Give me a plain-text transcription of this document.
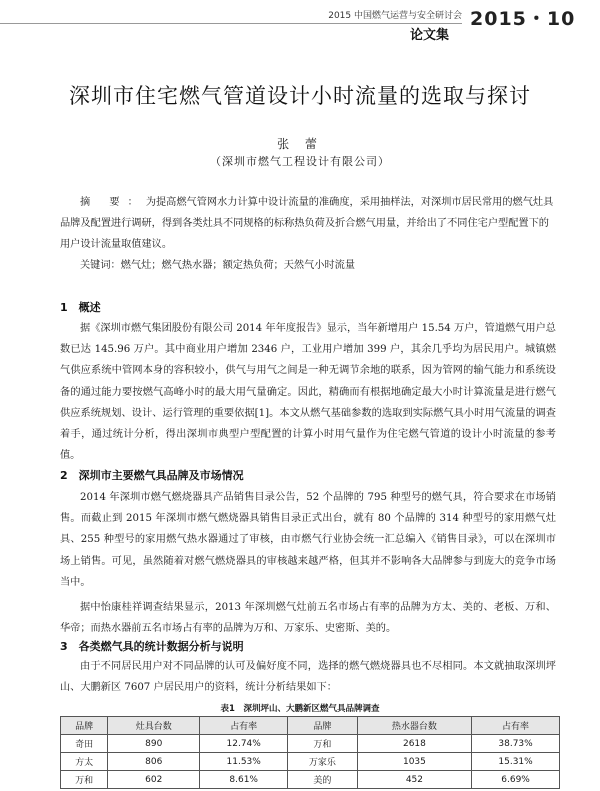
2015 中国燃气运营与安全研讨会 2015・10
论文集
深圳市住宅燃气管道设计小时流量的选取与探讨
张 蕾
（深圳市燃气工程设计有限公司）
摘 要：为提高燃气管网水力计算中设计流量的准确度，采用抽样法，对深圳市居民常用的燃气灶具品牌及配置进行调研，得到各类灶具不同规格的标称热负荷及折合燃气用量，并给出了不同住宅户型配置下的用户设计流量取值建议。
关键词：燃气灶；燃气热水器；额定热负荷；天然气小时流量
1　概述
据《深圳市燃气集团股份有限公司 2014 年年度报告》显示，当年新增用户 15.54 万户，管道燃气用户总数已达 145.96 万户。其中商业用户增加 2346 户，工业用户增加 399 户，其余几乎均为居民用户。城镇燃气供应系统中管网本身的容积较小，供气与用气之间是一种无调节余地的联系，因为管网的输气能力和系统设备的通过能力要按燃气高峰小时的最大用气量确定。因此，精确而有根据地确定最大小时计算流量是进行燃气供应系统规划、设计、运行管理的重要依据[1]。本文从燃气基础参数的选取到实际燃气具小时用气流量的调查着手，通过统计分析，得出深圳市典型户型配置的计算小时用气量作为住宅燃气管道的设计小时流量的参考值。
2　深圳市主要燃气具品牌及市场情况
2014 年深圳市燃气燃烧器具产品销售目录公告，52 个品牌的 795 种型号的燃气具，符合要求在市场销售。而截止到 2015 年深圳市燃气燃烧器具销售目录正式出台，就有 80 个品牌的 314 种型号的家用燃气灶具、255 种型号的家用燃气热水器通过了审核，由市燃气行业协会统一汇总编入《销售目录》，可以在深圳市场上销售。可见，虽然随着对燃气燃烧器具的审核越来越严格，但其并不影响各大品牌参与到庞大的竞争市场当中。
据中怡康桂祥调查结果显示，2013 年深圳燃气灶前五名市场占有率的品牌为方太、美的、老板、万和、华帝；而热水器前五名市场占有率的品牌为万和、万家乐、史密斯、美的。
3　各类燃气具的统计数据分析与说明
由于不同居民用户对不同品牌的认可及偏好度不同，选择的燃气燃烧器具也不尽相同。本文就抽取深圳坪山、大鹏新区 7607 户居民用户的资料，统计分析结果如下：
表1　深圳坪山、大鹏新区燃气具品牌调查
品牌	灶具台数	占有率	品牌	热水器台数	占有率
奇田	890	12.74%	万和	2618	38.73%
方太	806	11.53%	万家乐	1035	15.31%
万和	602	8.61%	美的	452	6.69%
